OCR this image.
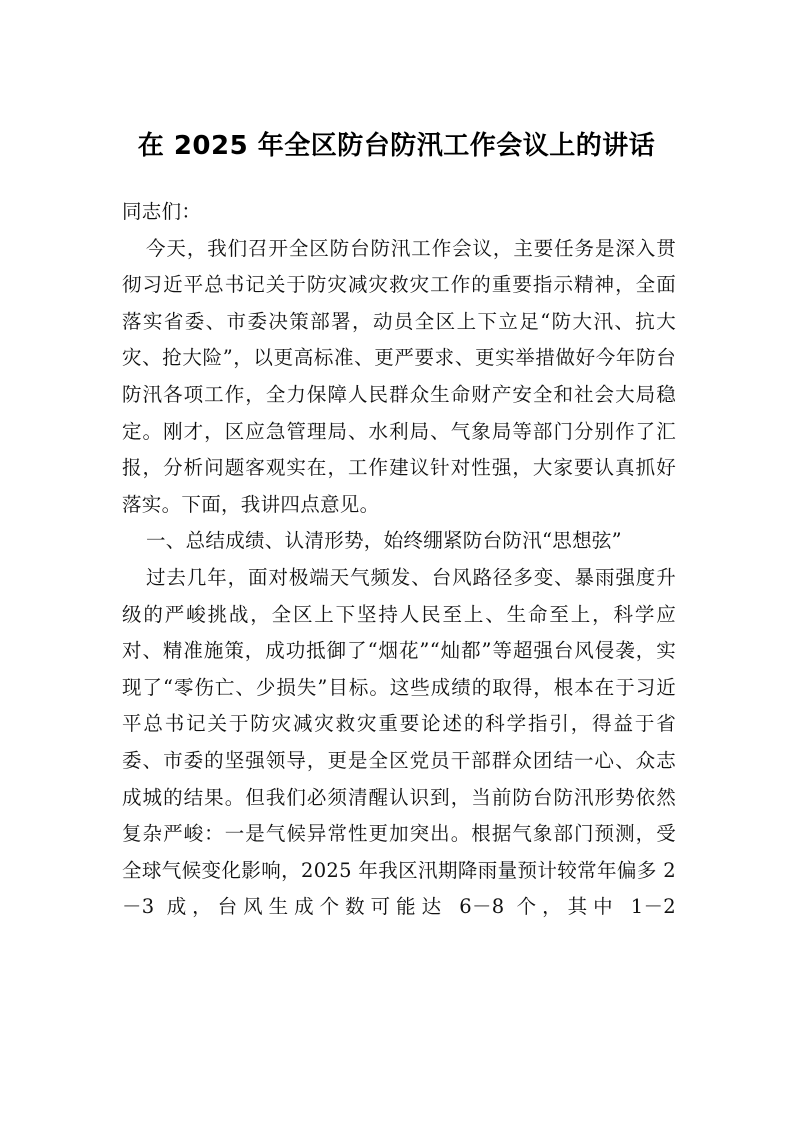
在 2025 年全区防台防汛工作会议上的讲话

同志们：

今天，我们召开全区防台防汛工作会议，主要任务是深入贯彻习近平总书记关于防灾减灾救灾工作的重要指示精神，全面落实省委、市委决策部署，动员全区上下立足“防大汛、抗大灾、抢大险”，以更高标准、更严要求、更实举措做好今年防台防汛各项工作，全力保障人民群众生命财产安全和社会大局稳定。刚才，区应急管理局、水利局、气象局等部门分别作了汇报，分析问题客观实在，工作建议针对性强，大家要认真抓好落实。下面，我讲四点意见。

一、总结成绩、认清形势，始终绷紧防台防汛“思想弦”

过去几年，面对极端天气频发、台风路径多变、暴雨强度升级的严峻挑战，全区上下坚持人民至上、生命至上，科学应对、精准施策，成功抵御了“烟花”“灿都”等超强台风侵袭，实现了“零伤亡、少损失”目标。这些成绩的取得，根本在于习近平总书记关于防灾减灾救灾重要论述的科学指引，得益于省委、市委的坚强领导，更是全区党员干部群众团结一心、众志成城的结果。但我们必须清醒认识到，当前防台防汛形势依然复杂严峻：一是气候异常性更加突出。根据气象部门预测，受全球气候变化影响，2025 年我区汛期降雨量预计较常年偏多 2－3 成，台风生成个数可能达 6－8 个，其中 1－2
